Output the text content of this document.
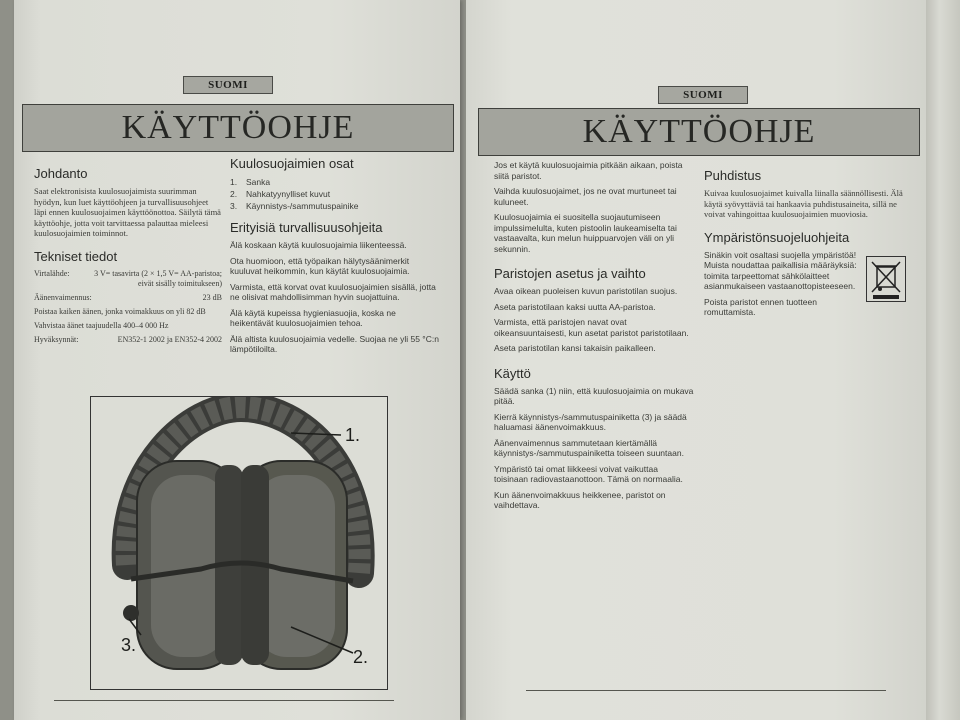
SUOMI
KÄYTTÖOHJE
Johdanto
Saat elektronisista kuulosuojaimista suurimman hyödyn, kun luet käyttöohjeen ja turvallisuusohjeet läpi ennen kuulosuojaimen käyttöönottoa. Säilytä tämä käyttöohje, jotta voit tarvittaessa palauttaa mieleesi kuulosuojaimien toiminnot.
Tekniset tiedot
Virtalähde:	3 V= tasavirta (2 × 1,5 V= AA-paristoa; eivät sisälly toimitukseen)
Äänenvaimennus:	23 dB
Poistaa kaiken äänen, jonka voimakkuus on yli 82 dB
Vahvistaa äänet taajuudella 400–4 000 Hz
Hyväksynnät:	EN352-1 2002 ja EN352-4 2002
Kuulosuojaimien osat
1. Sanka
2. Nahkatyynylliset kuvut
3. Käynnistys-/sammutuspainike
Erityisiä turvallisuusohjeita
Älä koskaan käytä kuulosuojaimia liikenteessä.
Ota huomioon, että työpaikan hälytysäänimerkit kuuluvat heikommin, kun käytät kuulosuojaimia.
Varmista, että korvat ovat kuulosuojaimien sisällä, jotta ne olisivat mahdollisimman hyvin suojattuina.
Älä käytä kupeissa hygieniasuojia, koska ne heikentävät kuulosuojaimien tehoa.
Älä altista kuulosuojaimia vedelle. Suojaa ne yli 55 °C:n lämpötiloilta.
1.
2.
3.
SUOMI
KÄYTTÖOHJE
Jos et käytä kuulosuojaimia pitkään aikaan, poista siitä paristot.
Vaihda kuulosuojaimet, jos ne ovat murtuneet tai kuluneet.
Kuulosuojaimia ei suositella suojautumiseen impulssimelulta, kuten pistoolin laukeamiselta tai vastaavalta, kun melun huippuarvojen väli on yli sekunnin.
Paristojen asetus ja vaihto
Avaa oikean puoleisen kuvun paristotilan suojus.
Aseta paristotilaan kaksi uutta AA-paristoa.
Varmista, että paristojen navat ovat oikeansuuntaisesti, kun asetat paristot paristotilaan.
Aseta paristotilan kansi takaisin paikalleen.
Käyttö
Säädä sanka (1) niin, että kuulosuojaimia on mukava pitää.
Kierrä käynnistys-/sammutuspainiketta (3) ja säädä haluamasi äänenvoimakkuus.
Äänenvaimennus sammutetaan kiertämällä käynnistys-/sammutuspainiketta toiseen suuntaan.
Ympäristö tai omat liikkeesi voivat vaikuttaa toisinaan radiovastaanottoon. Tämä on normaalia.
Kun äänenvoimakkuus heikkenee, paristot on vaihdettava.
Puhdistus
Kuivaa kuulosuojaimet kuivalla liinalla säännöllisesti. Älä käytä syövyttäviä tai hankaavia puhdistusaineita, sillä ne voivat vahingoittaa kuulosuojaimien muoviosia.
Ympäristönsuojeluohjeita
Sinäkin voit osaltasi suojella ympäristöä! Muista noudattaa paikallisia määräyksiä: toimita tarpeettomat sähkölaitteet asianmukaiseen vastaanottopisteeseen.
Poista paristot ennen tuotteen romuttamista.
